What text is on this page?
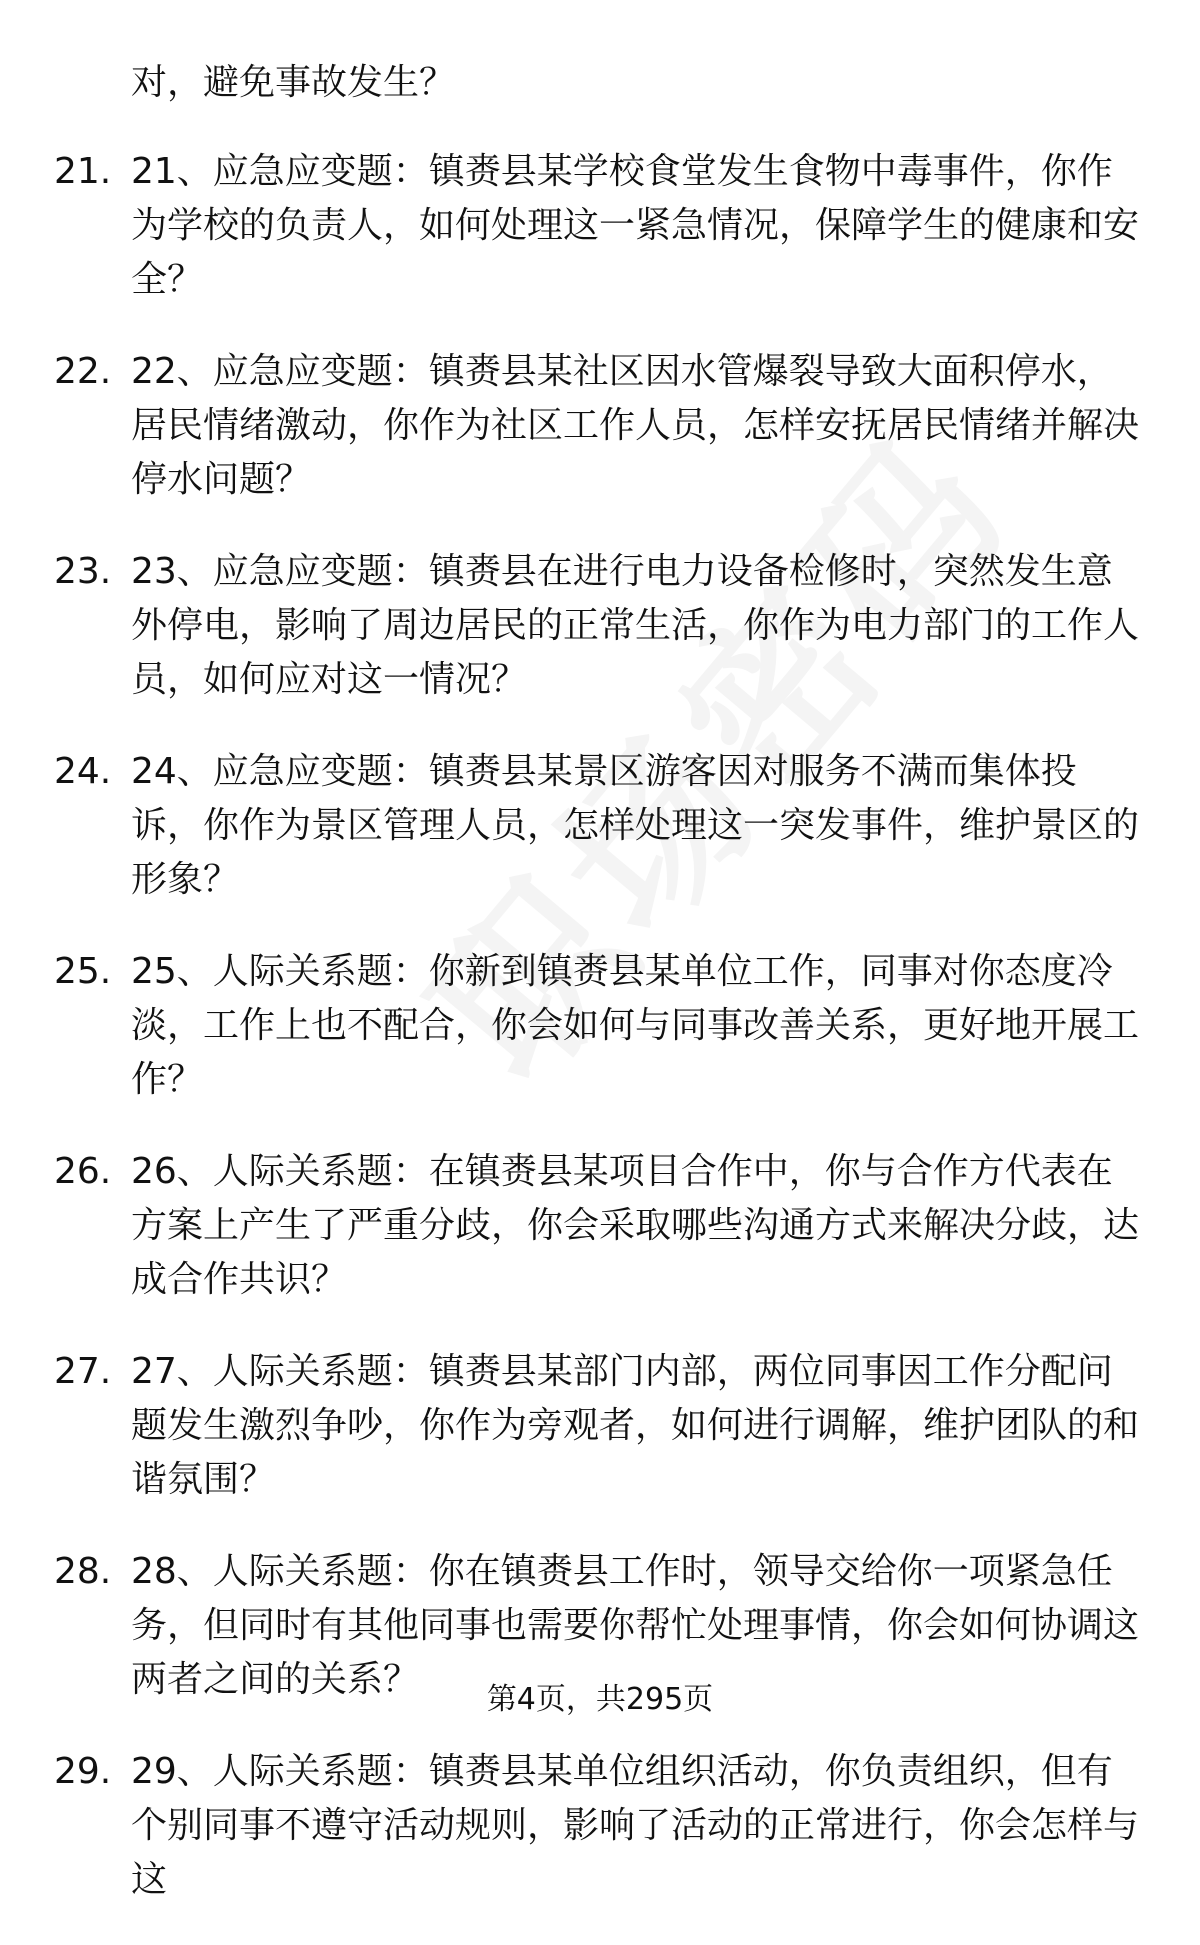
对，避免事故发生？
21. 21、应急应变题：镇赉县某学校食堂发生食物中毒事件，你作为学校的负责人，如何处理这一紧急情况，保障学生的健康和安全？
22. 22、应急应变题：镇赉县某社区因水管爆裂导致大面积停水，居民情绪激动，你作为社区工作人员，怎样安抚居民情绪并解决停水问题？
23. 23、应急应变题：镇赉县在进行电力设备检修时，突然发生意外停电，影响了周边居民的正常生活，你作为电力部门的工作人员，如何应对这一情况？
24. 24、应急应变题：镇赉县某景区游客因对服务不满而集体投诉，你作为景区管理人员，怎样处理这一突发事件，维护景区的形象？
25. 25、人际关系题：你新到镇赉县某单位工作，同事对你态度冷淡，工作上也不配合，你会如何与同事改善关系，更好地开展工作？
26. 26、人际关系题：在镇赉县某项目合作中，你与合作方代表在方案上产生了严重分歧，你会采取哪些沟通方式来解决分歧，达成合作共识？
27. 27、人际关系题：镇赉县某部门内部，两位同事因工作分配问题发生激烈争吵，你作为旁观者，如何进行调解，维护团队的和谐氛围？
28. 28、人际关系题：你在镇赉县工作时，领导交给你一项紧急任务，但同时有其他同事也需要你帮忙处理事情，你会如何协调这两者之间的关系？
29. 29、人际关系题：镇赉县某单位组织活动，你负责组织，但有个别同事不遵守活动规则，影响了活动的正常进行，你会怎样与这
第4页，共295页
